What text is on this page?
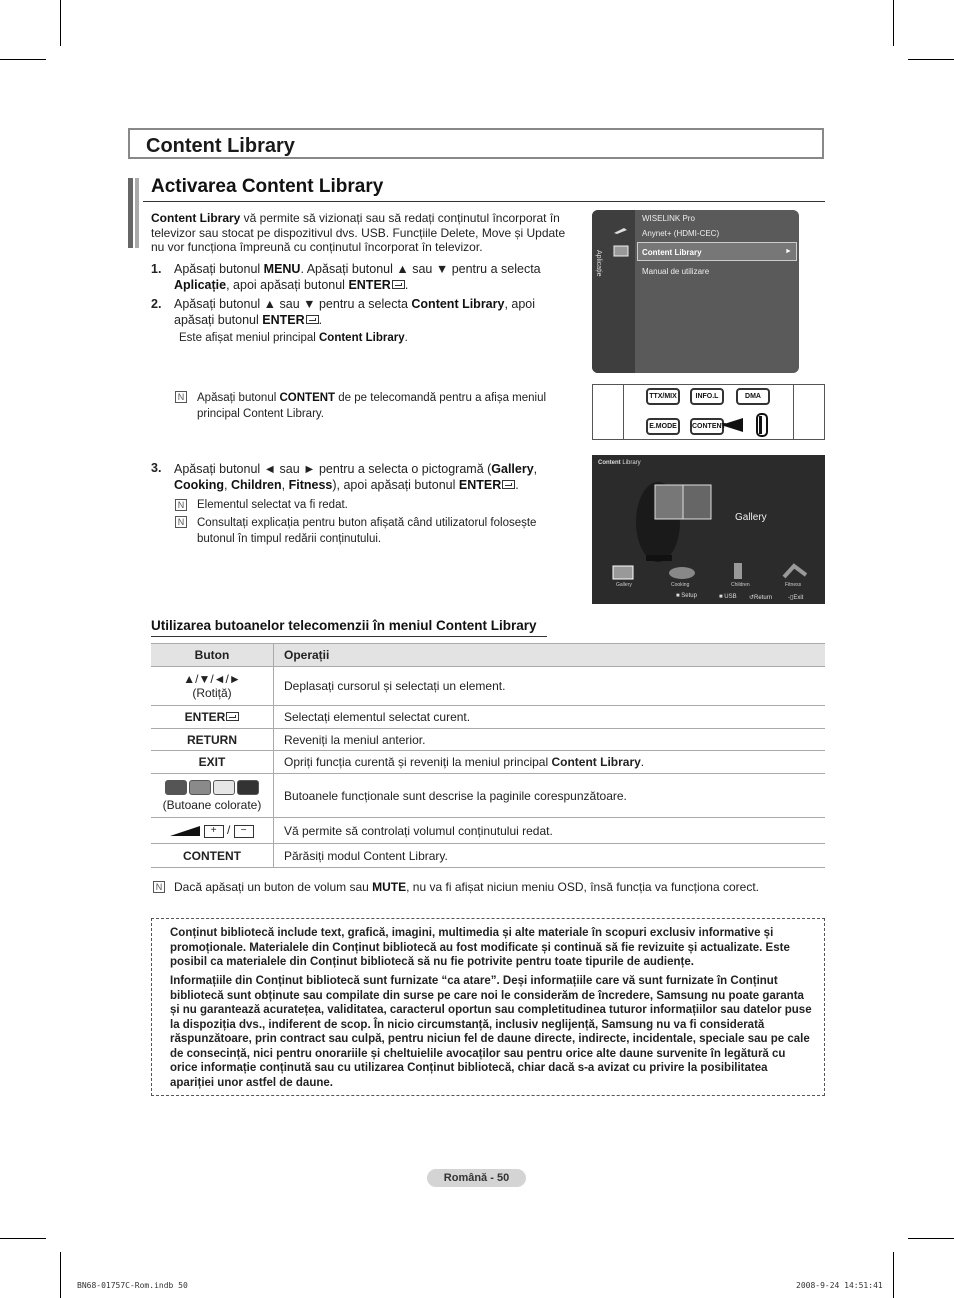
Content Library
Activarea Content Library
Content Library vă permite să vizionați sau să redați conținutul încorporat în televizor sau stocat pe dispozitivul dvs. USB. Funcțiile Delete, Move și Update nu vor funcționa împreună cu conținutul încorporat în televizor.
1. Apăsați butonul MENU. Apăsați butonul ▲ sau ▼ pentru a selecta Aplicație, apoi apăsați butonul ENTER .
2. Apăsați butonul ▲ sau ▼ pentru a selecta Content Library, apoi apăsați butonul ENTER .
Este afișat meniul principal Content Library.
N Apăsați butonul CONTENT de pe telecomandă pentru a afișa meniul principal Content Library.
3. Apăsați butonul ◄ sau ► pentru a selecta o pictogramă (Gallery, Cooking, Children, Fitness), apoi apăsați butonul ENTER .
N Elementul selectat va fi redat.
N Consultați explicația pentru buton afișată când utilizatorul folosește butonul în timpul redării conținutului.
Aplicație
WISELINK Pro
Anynet+ (HDMI-CEC)
Content Library	►
Manual de utilizare
TTX/MIX	INFO.L	DMA
E.MODE	CONTENT
Content Library
Gallery
Gallery	Cooking	Children	Fitness
■ Setup	■ USB ↺Return	-▯Exit
Utilizarea butoanelor telecomenzii în meniul Content Library
Buton	Operații

▲/▼/◄/►
(Rotiță)	Deplasați cursorul și selectați un element.
ENTER	Selectați elementul selectat curent.
RETURN	Reveniți la meniul anterior.
EXIT	Opriți funcția curentă și reveniți la meniul principal Content Library.

(Butoane colorate)	Butoanele funcționale sunt descrise la paginile corespunzătoare.
+ / −	Vă permite să controlați volumul conținutului redat.
CONTENT	Părăsiți modul Content Library.
N Dacă apăsați un buton de volum sau MUTE, nu va fi afișat niciun meniu OSD, însă funcția va funcționa corect.

Conținut bibliotecă include text, grafică, imagini, multimedia și alte materiale în scopuri exclusiv informative și promoționale. Materialele din Conținut bibliotecă au fost modificate și continuă să fie revizuite și actualizate. Este posibil ca materialele din Conținut bibliotecă să nu fie potrivite pentru toate tipurile de audiențe.

Informațiile din Conținut bibliotecă sunt furnizate “ca atare”. Deși informațiile care vă sunt furnizate în Conținut bibliotecă sunt obținute sau compilate din surse pe care noi le considerăm de încredere, Samsung nu poate garanta și nu garantează acuratețea, validitatea, caracterul oportun sau completitudinea tuturor informațiilor sau datelor puse la dispoziția dvs., indiferent de scop. În nicio circumstanță, inclusiv neglijență, Samsung nu va fi considerată răspunzătoare, prin contract sau culpă, pentru niciun fel de daune directe, indirecte, incidentale, speciale sau pe cale de consecință, nici pentru onorariile și cheltuielile avocaților sau pentru orice alte daune survenite în legătură cu orice informație conținută sau cu utilizarea Conținut bibliotecă, chiar dacă s-a avizat cu privire la posibilitatea apariției unor astfel de daune.

Română - 50
BN68-01757C-Rom.indb 50	2008-9-24 14:51:41
